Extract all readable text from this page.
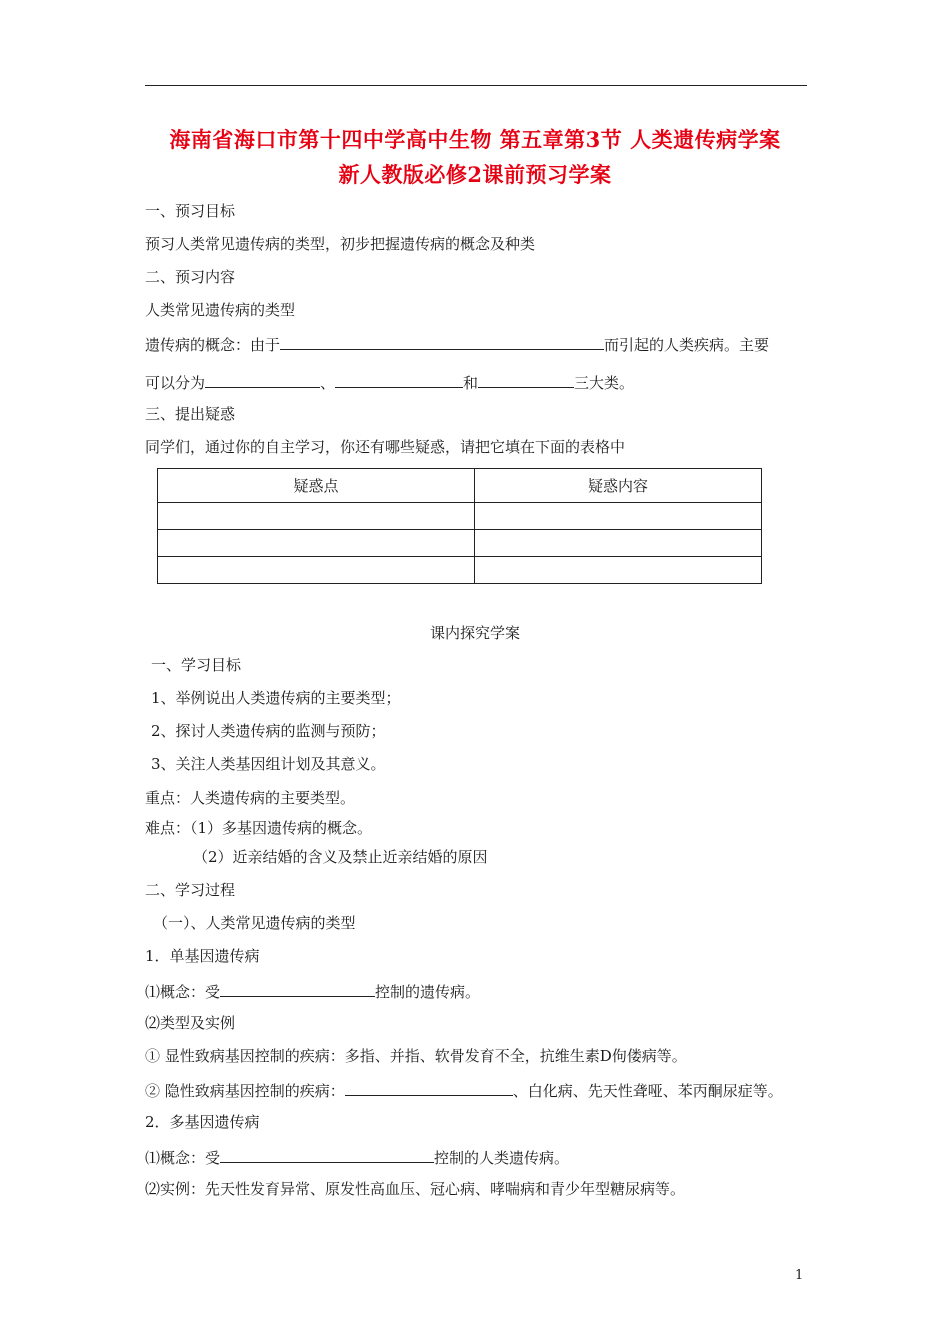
海南省海口市第十四中学高中生物 第五章第3节 人类遗传病学案
新人教版必修2课前预习学案
一、预习目标
预习人类常见遗传病的类型，初步把握遗传病的概念及种类
二、预习内容
人类常见遗传病的类型
遗传病的概念：由于	而引起的人类疾病。主要
可以分为	、	和	三大类。
三、提出疑惑
同学们，通过你的自主学习，你还有哪些疑惑，请把它填在下面的表格中
疑惑点	疑惑内容

课内探究学案
一、学习目标
1、举例说出人类遗传病的主要类型；
2、探讨人类遗传病的监测与预防；
3、关注人类基因组计划及其意义。
重点：人类遗传病的主要类型。
难点：（1）多基因遗传病的概念。
（2）近亲结婚的含义及禁止近亲结婚的原因
二、学习过程
（一）、人类常见遗传病的类型
1．单基因遗传病
⑴概念：受	控制的遗传病。
⑵类型及实例
① 显性致病基因控制的疾病：多指、并指、软骨发育不全，抗维生素D佝偻病等。
② 隐性致病基因控制的疾病：	、白化病、先天性聋哑、苯丙酮尿症等。
2．多基因遗传病
⑴概念：受	控制的人类遗传病。
⑵实例：先天性发育异常、原发性高血压、冠心病、哮喘病和青少年型糖尿病等。
1
